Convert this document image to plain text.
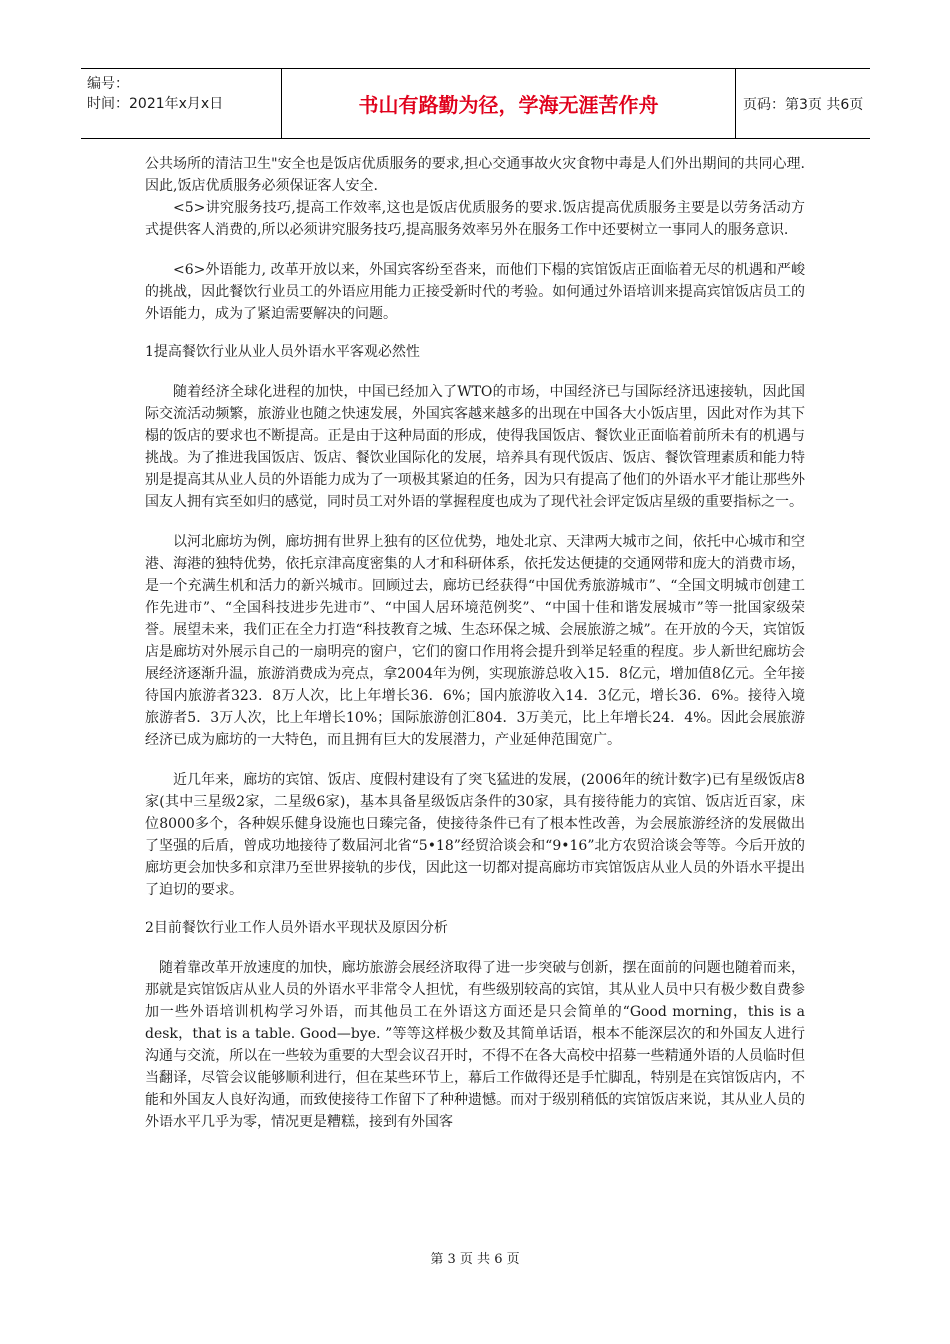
编号：
时间：2021年x月x日	书山有路勤为径，学海无涯苦作舟	页码：第3页 共6页

公共场所的清洁卫生"安全也是饭店优质服务的要求,担心交通事故火灾食物中毒是人们外出期间的共同心理.因此,饭店优质服务必须保证客人安全.

<5>讲究服务技巧,提高工作效率,这也是饭店优质服务的要求.饭店提高优质服务主要是以劳务活动方式提供客人消费的,所以必须讲究服务技巧,提高服务效率另外在服务工作中还要树立一事同人的服务意识.

<6>外语能力, 改革开放以来，外国宾客纷至沓来，而他们下榻的宾馆饭店正面临着无尽的机遇和严峻的挑战，因此餐饮行业员工的外语应用能力正接受新时代的考验。如何通过外语培训来提高宾馆饭店员工的外语能力，成为了紧迫需要解决的问题。

1提高餐饮行业从业人员外语水平客观必然性

随着经济全球化进程的加快，中国已经加入了WTO的市场，中国经济已与国际经济迅速接轨，因此国际交流活动频繁，旅游业也随之快速发展，外国宾客越来越多的出现在中国各大小饭店里，因此对作为其下榻的饭店的要求也不断提高。正是由于这种局面的形成，使得我国饭店、餐饮业正面临着前所未有的机遇与挑战。为了推进我国饭店、饭店、餐饮业国际化的发展，培养具有现代饭店、饭店、餐饮管理素质和能力特别是提高其从业人员的外语能力成为了一项极其紧迫的任务，因为只有提高了他们的外语水平才能让那些外国友人拥有宾至如归的感觉，同时员工对外语的掌握程度也成为了现代社会评定饭店星级的重要指标之一。

以河北廊坊为例，廊坊拥有世界上独有的区位优势，地处北京、天津两大城市之间，依托中心城市和空港、海港的独特优势，依托京津高度密集的人才和科研体系，依托发达便捷的交通网带和庞大的消费市场，是一个充满生机和活力的新兴城市。回顾过去，廊坊已经获得“中国优秀旅游城市”、“全国文明城市创建工作先进市”、“全国科技进步先进市”、“中国人居环境范例奖”、“中国十佳和谐发展城市”等一批国家级荣誉。展望未来，我们正在全力打造“科技教育之城、生态环保之城、会展旅游之城”。在开放的今天，宾馆饭店是廊坊对外展示自己的一扇明亮的窗户，它们的窗口作用将会提升到举足轻重的程度。步人新世纪廊坊会展经济逐渐升温，旅游消费成为亮点，拿2004年为例，实现旅游总收入15．8亿元，增加值8亿元。全年接待国内旅游者323．8万人次，比上年增长36．6%；国内旅游收入14．3亿元，增长36．6%。接待入境旅游者5．3万人次，比上年增长10%；国际旅游创汇804．3万美元，比上年增长24．4%。因此会展旅游经济已成为廊坊的一大特色，而且拥有巨大的发展潜力，产业延伸范围宽广。

近几年来，廊坊的宾馆、饭店、度假村建设有了突飞猛进的发展，(2006年的统计数字)已有星级饭店8家(其中三星级2家，二星级6家)，基本具备星级饭店条件的30家，具有接待能力的宾馆、饭店近百家，床位8000多个，各种娱乐健身设施也日臻完备，使接待条件已有了根本性改善，为会展旅游经济的发展做出了坚强的后盾，曾成功地接待了数届河北省“5•18”经贸洽谈会和“9•16”北方农贸洽谈会等等。今后开放的廊坊更会加快多和京津乃至世界接轨的步伐，因此这一切都对提高廊坊市宾馆饭店从业人员的外语水平提出了迫切的要求。

2目前餐饮行业工作人员外语水平现状及原因分析

随着靠改革开放速度的加快，廊坊旅游会展经济取得了进一步突破与创新，摆在面前的问题也随着而来，那就是宾馆饭店从业人员的外语水平非常令人担忧，有些级别较高的宾馆，其从业人员中只有极少数自费参加一些外语培训机构学习外语，而其他员工在外语这方面还是只会简单的“Good morning，this is a desk，that is a table. Good—bye. ”等等这样极少数及其简单话语，根本不能深层次的和外国友人进行沟通与交流，所以在一些较为重要的大型会议召开时，不得不在各大高校中招募一些精通外语的人员临时但当翻译，尽管会议能够顺利进行，但在某些环节上，幕后工作做得还是手忙脚乱，特别是在宾馆饭店内，不能和外国友人良好沟通，而致使接待工作留下了种种遗憾。而对于级别稍低的宾馆饭店来说，其从业人员的外语水平几乎为零，情况更是糟糕，接到有外国客

第 3 页 共 6 页
